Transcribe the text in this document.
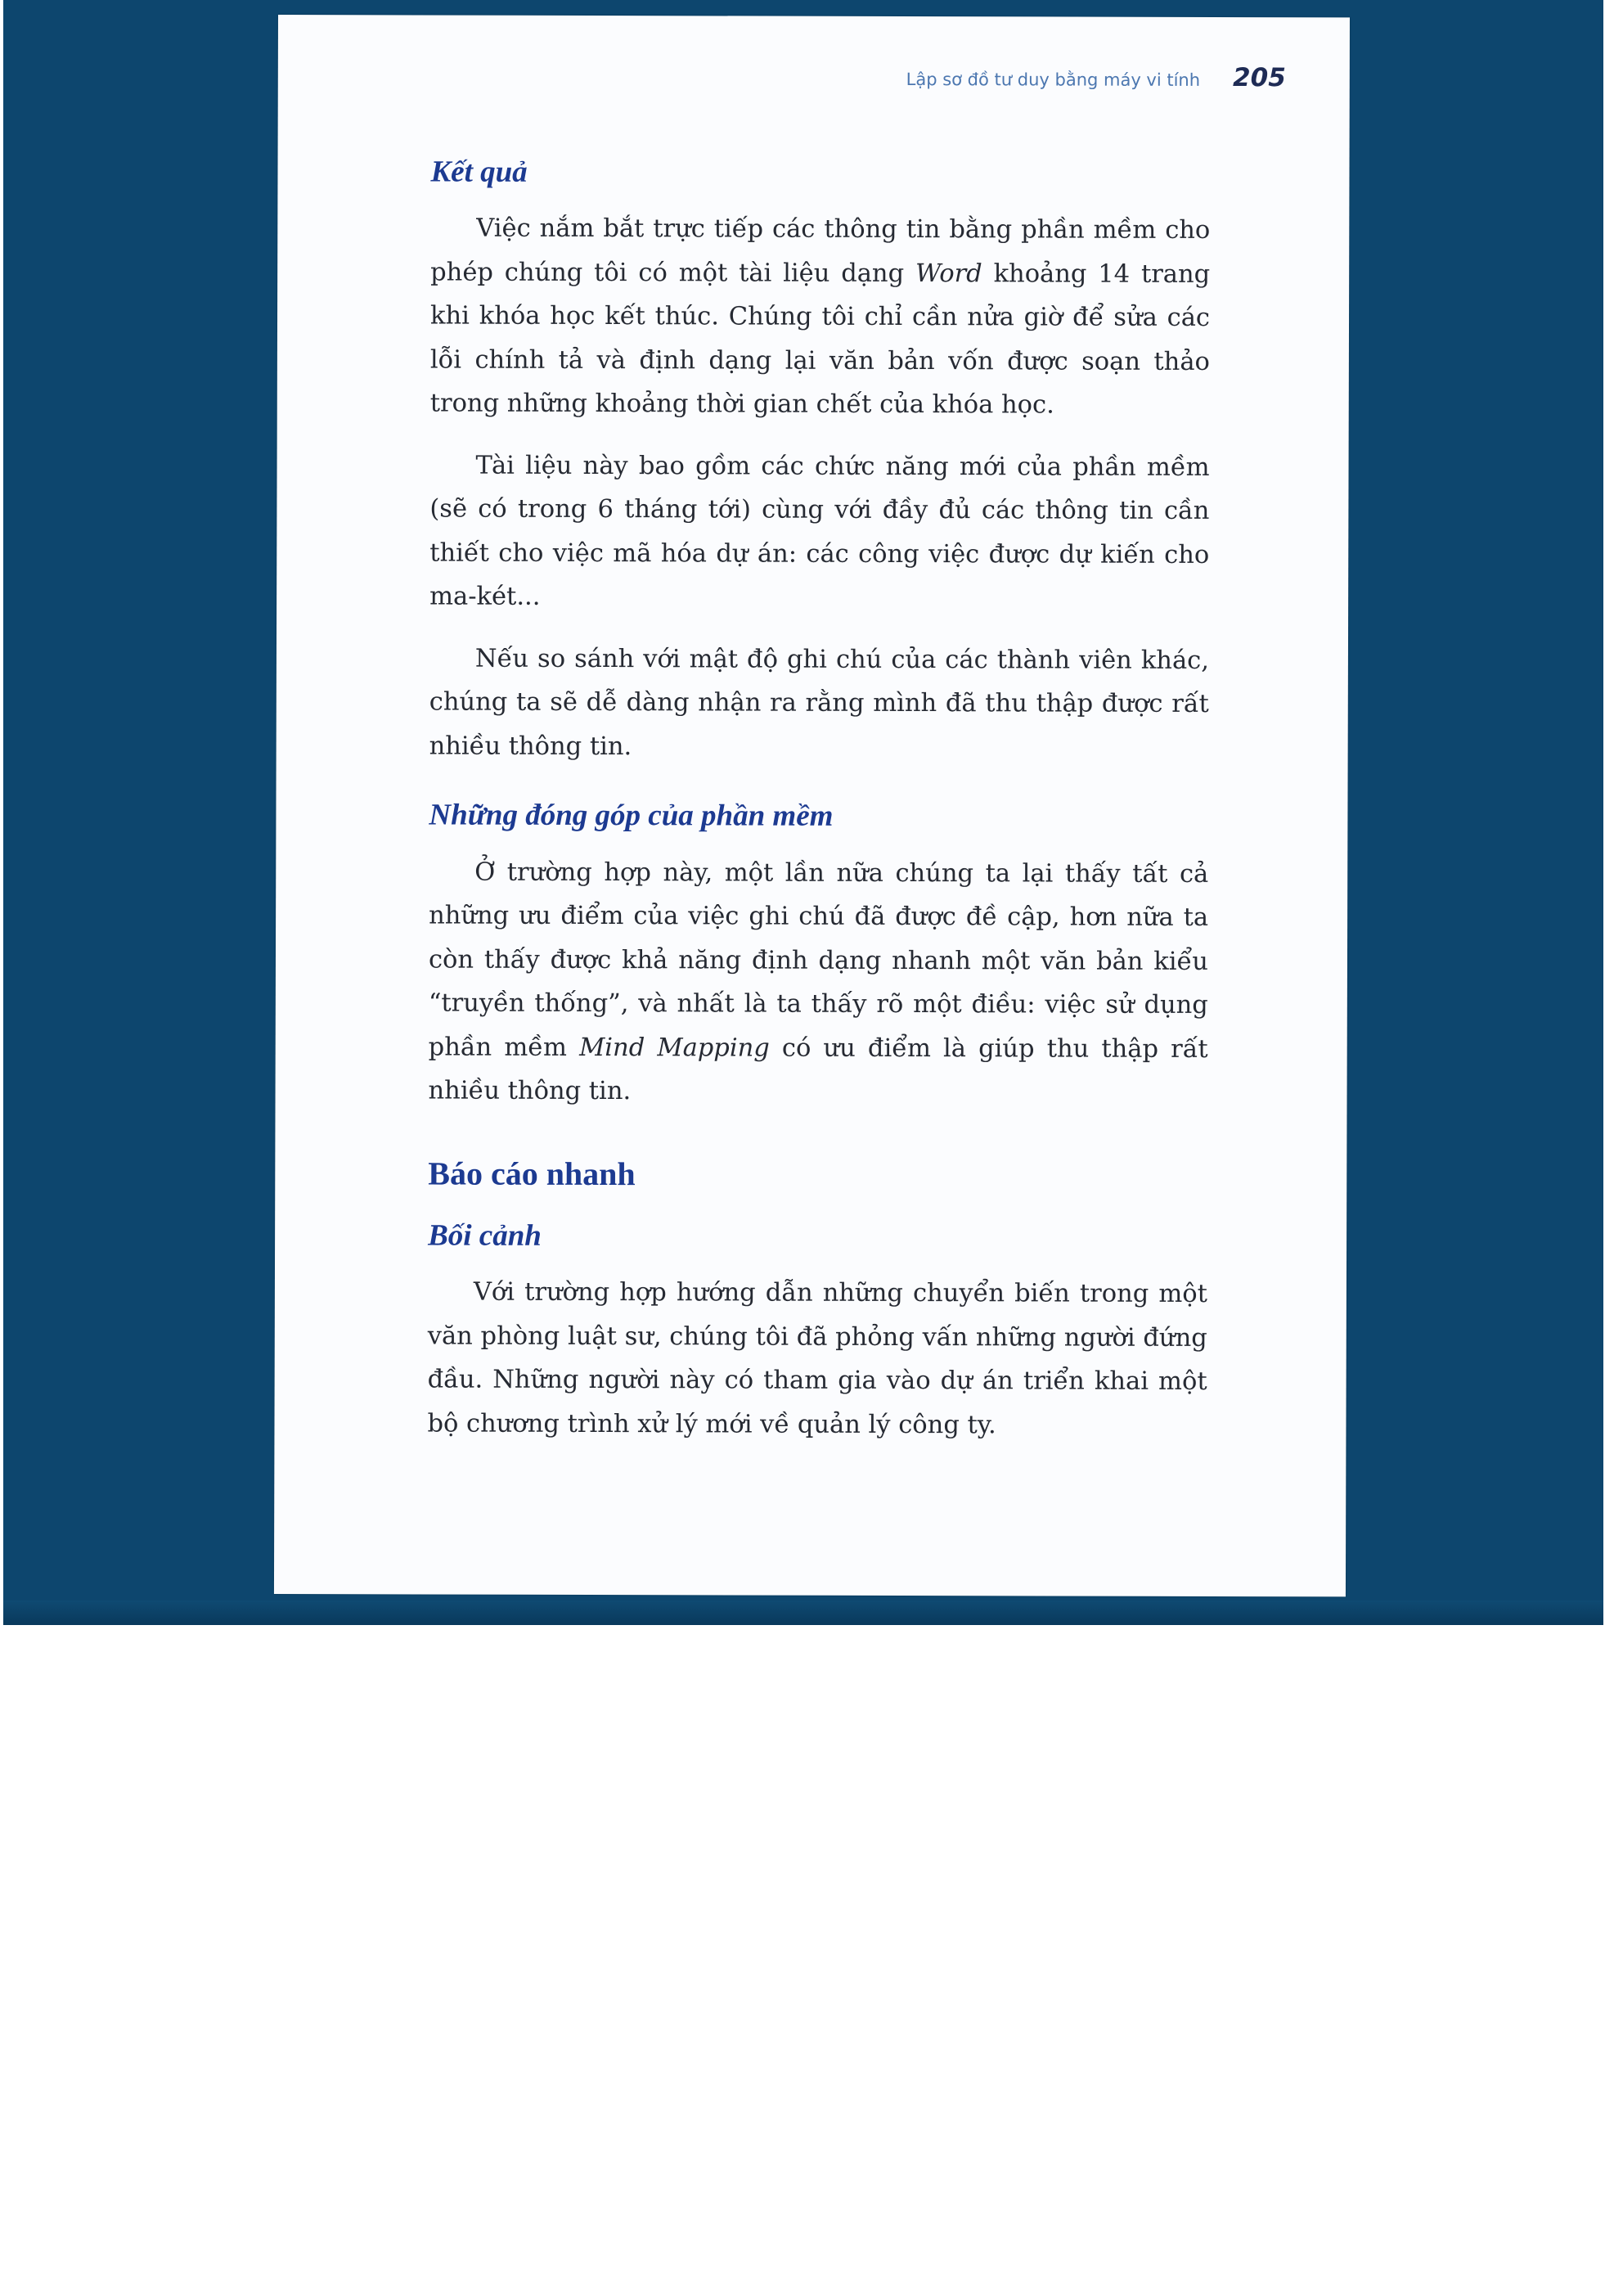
Lập sơ đồ tư duy bằng máy vi tính 205
Kết quả

Việc nắm bắt trực tiếp các thông tin bằng phần mềm cho phép chúng tôi có một tài liệu dạng Word khoảng 14 trang khi khóa học kết thúc. Chúng tôi chỉ cần nửa giờ để sửa các lỗi chính tả và định dạng lại văn bản vốn được soạn thảo trong những khoảng thời gian chết của khóa học.

Tài liệu này bao gồm các chức năng mới của phần mềm (sẽ có trong 6 tháng tới) cùng với đầy đủ các thông tin cần thiết cho việc mã hóa dự án: các công việc được dự kiến cho ma-két...

Nếu so sánh với mật độ ghi chú của các thành viên khác, chúng ta sẽ dễ dàng nhận ra rằng mình đã thu thập được rất nhiều thông tin.

Những đóng góp của phần mềm

Ở trường hợp này, một lần nữa chúng ta lại thấy tất cả những ưu điểm của việc ghi chú đã được đề cập, hơn nữa ta còn thấy được khả năng định dạng nhanh một văn bản kiểu “truyền thống”, và nhất là ta thấy rõ một điều: việc sử dụng phần mềm Mind Mapping có ưu điểm là giúp thu thập rất nhiều thông tin.

Báo cáo nhanh
Bối cảnh

Với trường hợp hướng dẫn những chuyển biến trong một văn phòng luật sư, chúng tôi đã phỏng vấn những người đứng đầu. Những người này có tham gia vào dự án triển khai một bộ chương trình xử lý mới về quản lý công ty.
